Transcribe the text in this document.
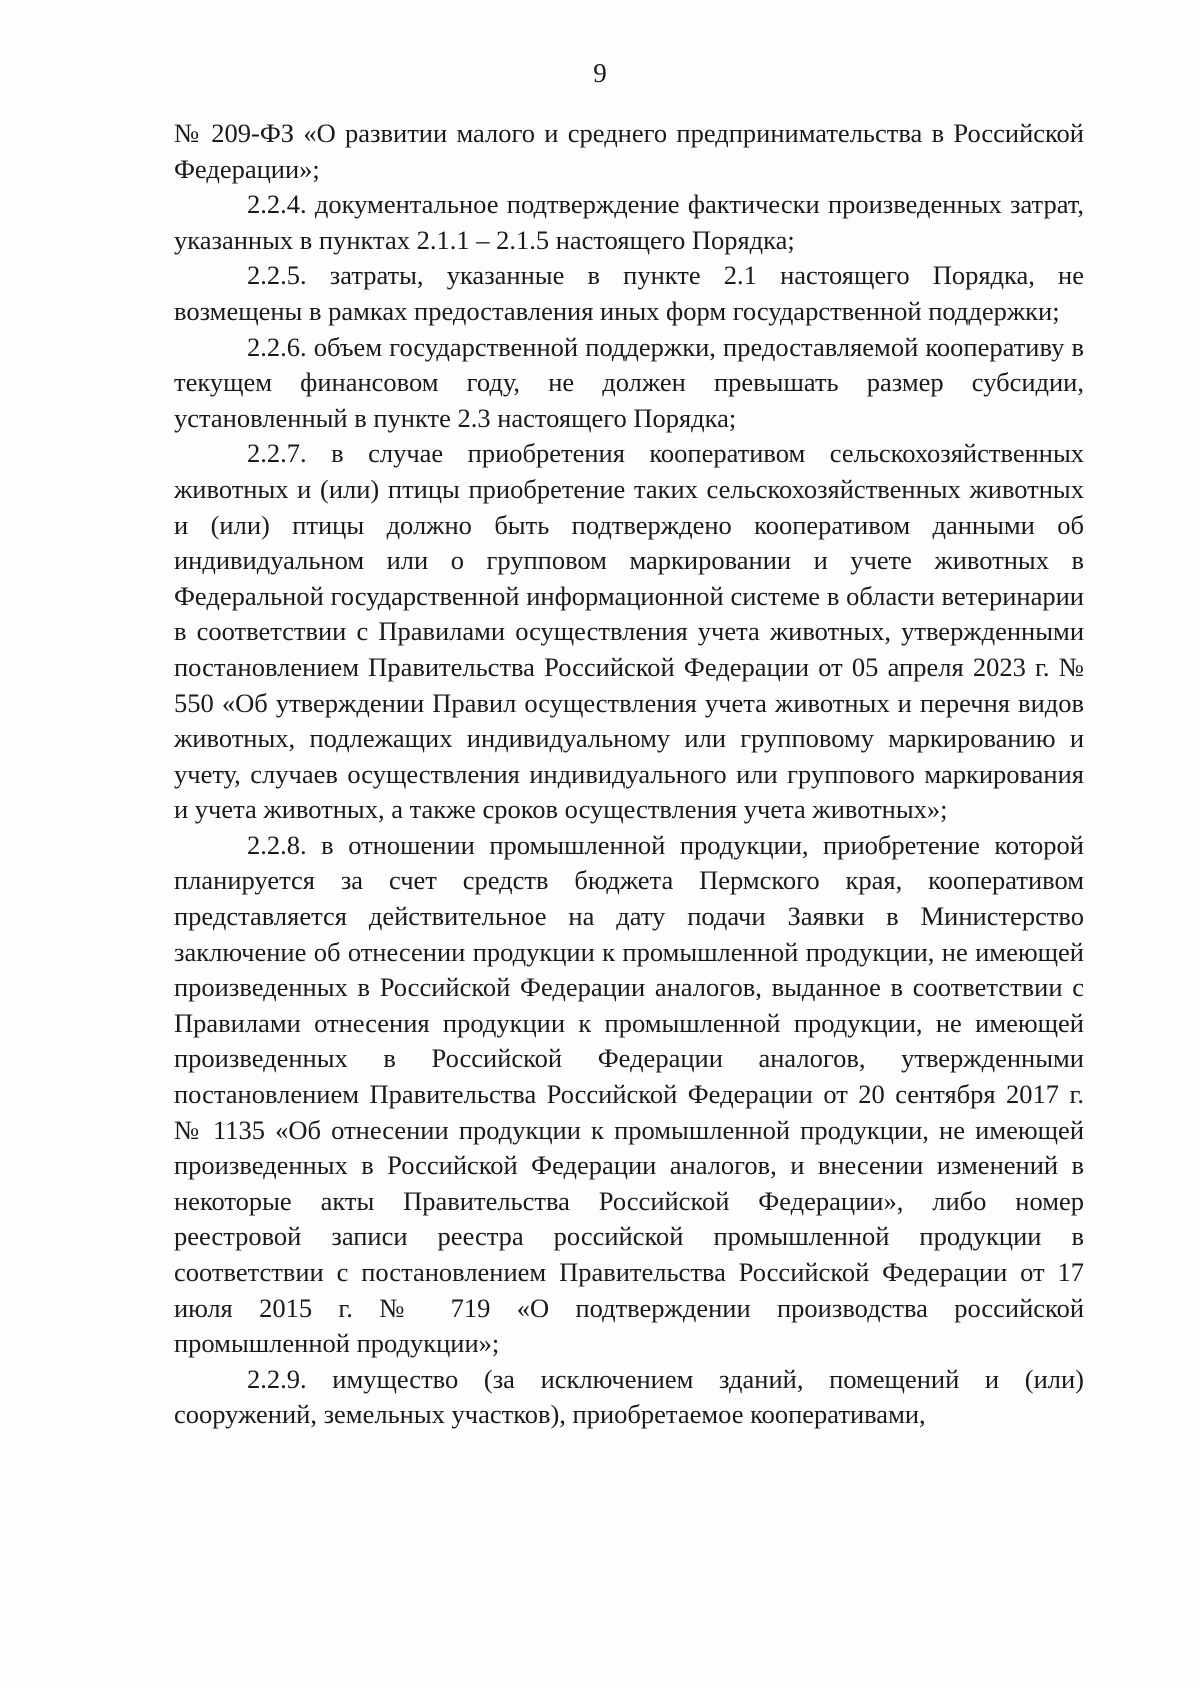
9

№ 209-ФЗ «О развитии малого и среднего предпринимательства в Российской Федерации»;

2.2.4. документальное подтверждение фактически произведенных затрат, указанных в пунктах 2.1.1 – 2.1.5 настоящего Порядка;

2.2.5. затраты, указанные в пункте 2.1 настоящего Порядка, не возмещены в рамках предоставления иных форм государственной поддержки;

2.2.6. объем государственной поддержки, предоставляемой кооперативу в текущем финансовом году, не должен превышать размер субсидии, установленный в пункте 2.3 настоящего Порядка;

2.2.7. в случае приобретения кооперативом сельскохозяйственных животных и (или) птицы приобретение таких сельскохозяйственных животных и (или) птицы должно быть подтверждено кооперативом данными об индивидуальном или о групповом маркировании и учете животных в Федеральной государственной информационной системе в области ветеринарии в соответствии с Правилами осуществления учета животных, утвержденными постановлением Правительства Российской Федерации от 05 апреля 2023 г. № 550 «Об утверждении Правил осуществления учета животных и перечня видов животных, подлежащих индивидуальному или групповому маркированию и учету, случаев осуществления индивидуального или группового маркирования и учета животных, а также сроков осуществления учета животных»;

2.2.8. в отношении промышленной продукции, приобретение которой планируется за счет средств бюджета Пермского края, кооперативом представляется действительное на дату подачи Заявки в Министерство заключение об отнесении продукции к промышленной продукции, не имеющей произведенных в Российской Федерации аналогов, выданное в соответствии с Правилами отнесения продукции к промышленной продукции, не имеющей произведенных в Российской Федерации аналогов, утвержденными постановлением Правительства Российской Федерации от 20 сентября 2017 г. № 1135 «Об отнесении продукции к промышленной продукции, не имеющей произведенных в Российской Федерации аналогов, и внесении изменений в некоторые акты Правительства Российской Федерации», либо номер реестровой записи реестра российской промышленной продукции в соответствии с постановлением Правительства Российской Федерации от 17 июля 2015 г. № 719 «О подтверждении производства российской промышленной продукции»;

2.2.9. имущество (за исключением зданий, помещений и (или) сооружений, земельных участков), приобретаемое кооперативами,
